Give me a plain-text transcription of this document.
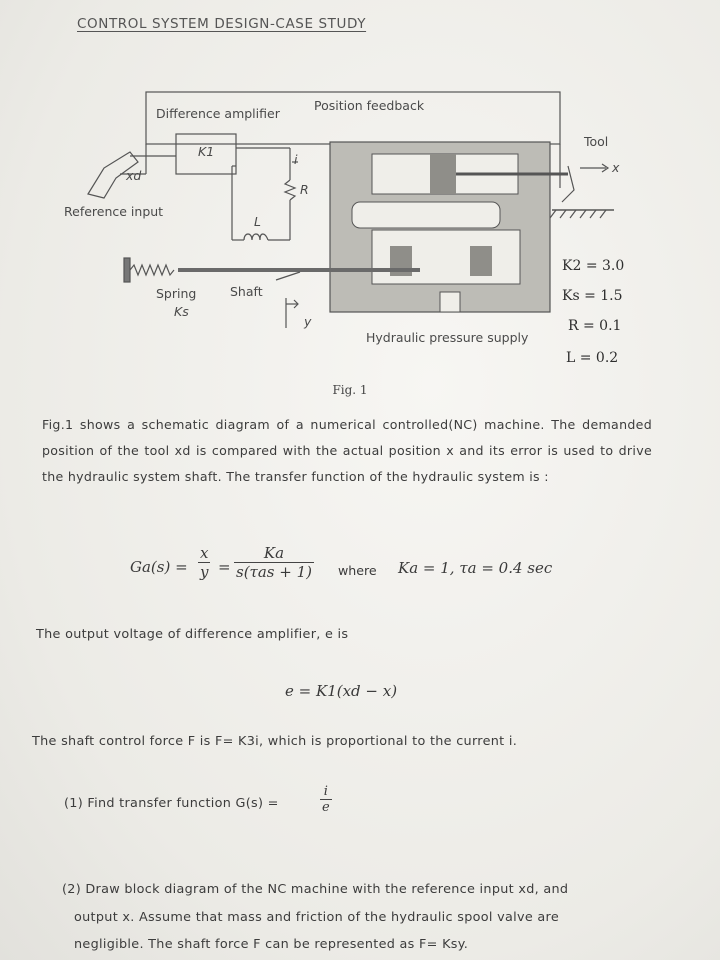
CONTROL SYSTEM DESIGN-CASE STUDY
Difference amplifier
Position feedback
Tool
Reference input
Spring
Ks
Shaft
Hydraulic pressure supply
K1
i
R
L
y
x
xd
K2 = 3.0
Ks = 1.5
R = 0.1
L = 0.2
Fig. 1
Fig.1 shows a schematic diagram of a numerical controlled(NC) machine. The demanded position of the tool xd is compared with the actual position x and its error is used to drive the hydraulic system shaft. The transfer function of the hydraulic system is :
Ga(s) =
x
y =
Ka
s(τas + 1) where Ka = 1, τa = 0.4 sec
The output voltage of difference amplifier, e is
e = K1(xd − x)
The shaft control force F is F= K3i, which is proportional to the current i.
(1) Find transfer function G(s) =
i
e
(2) Draw block diagram of the NC machine with the reference input xd, and
output x. Assume that mass and friction of the hydraulic spool valve are
negligible. The shaft force F can be represented as F= Ksy.
